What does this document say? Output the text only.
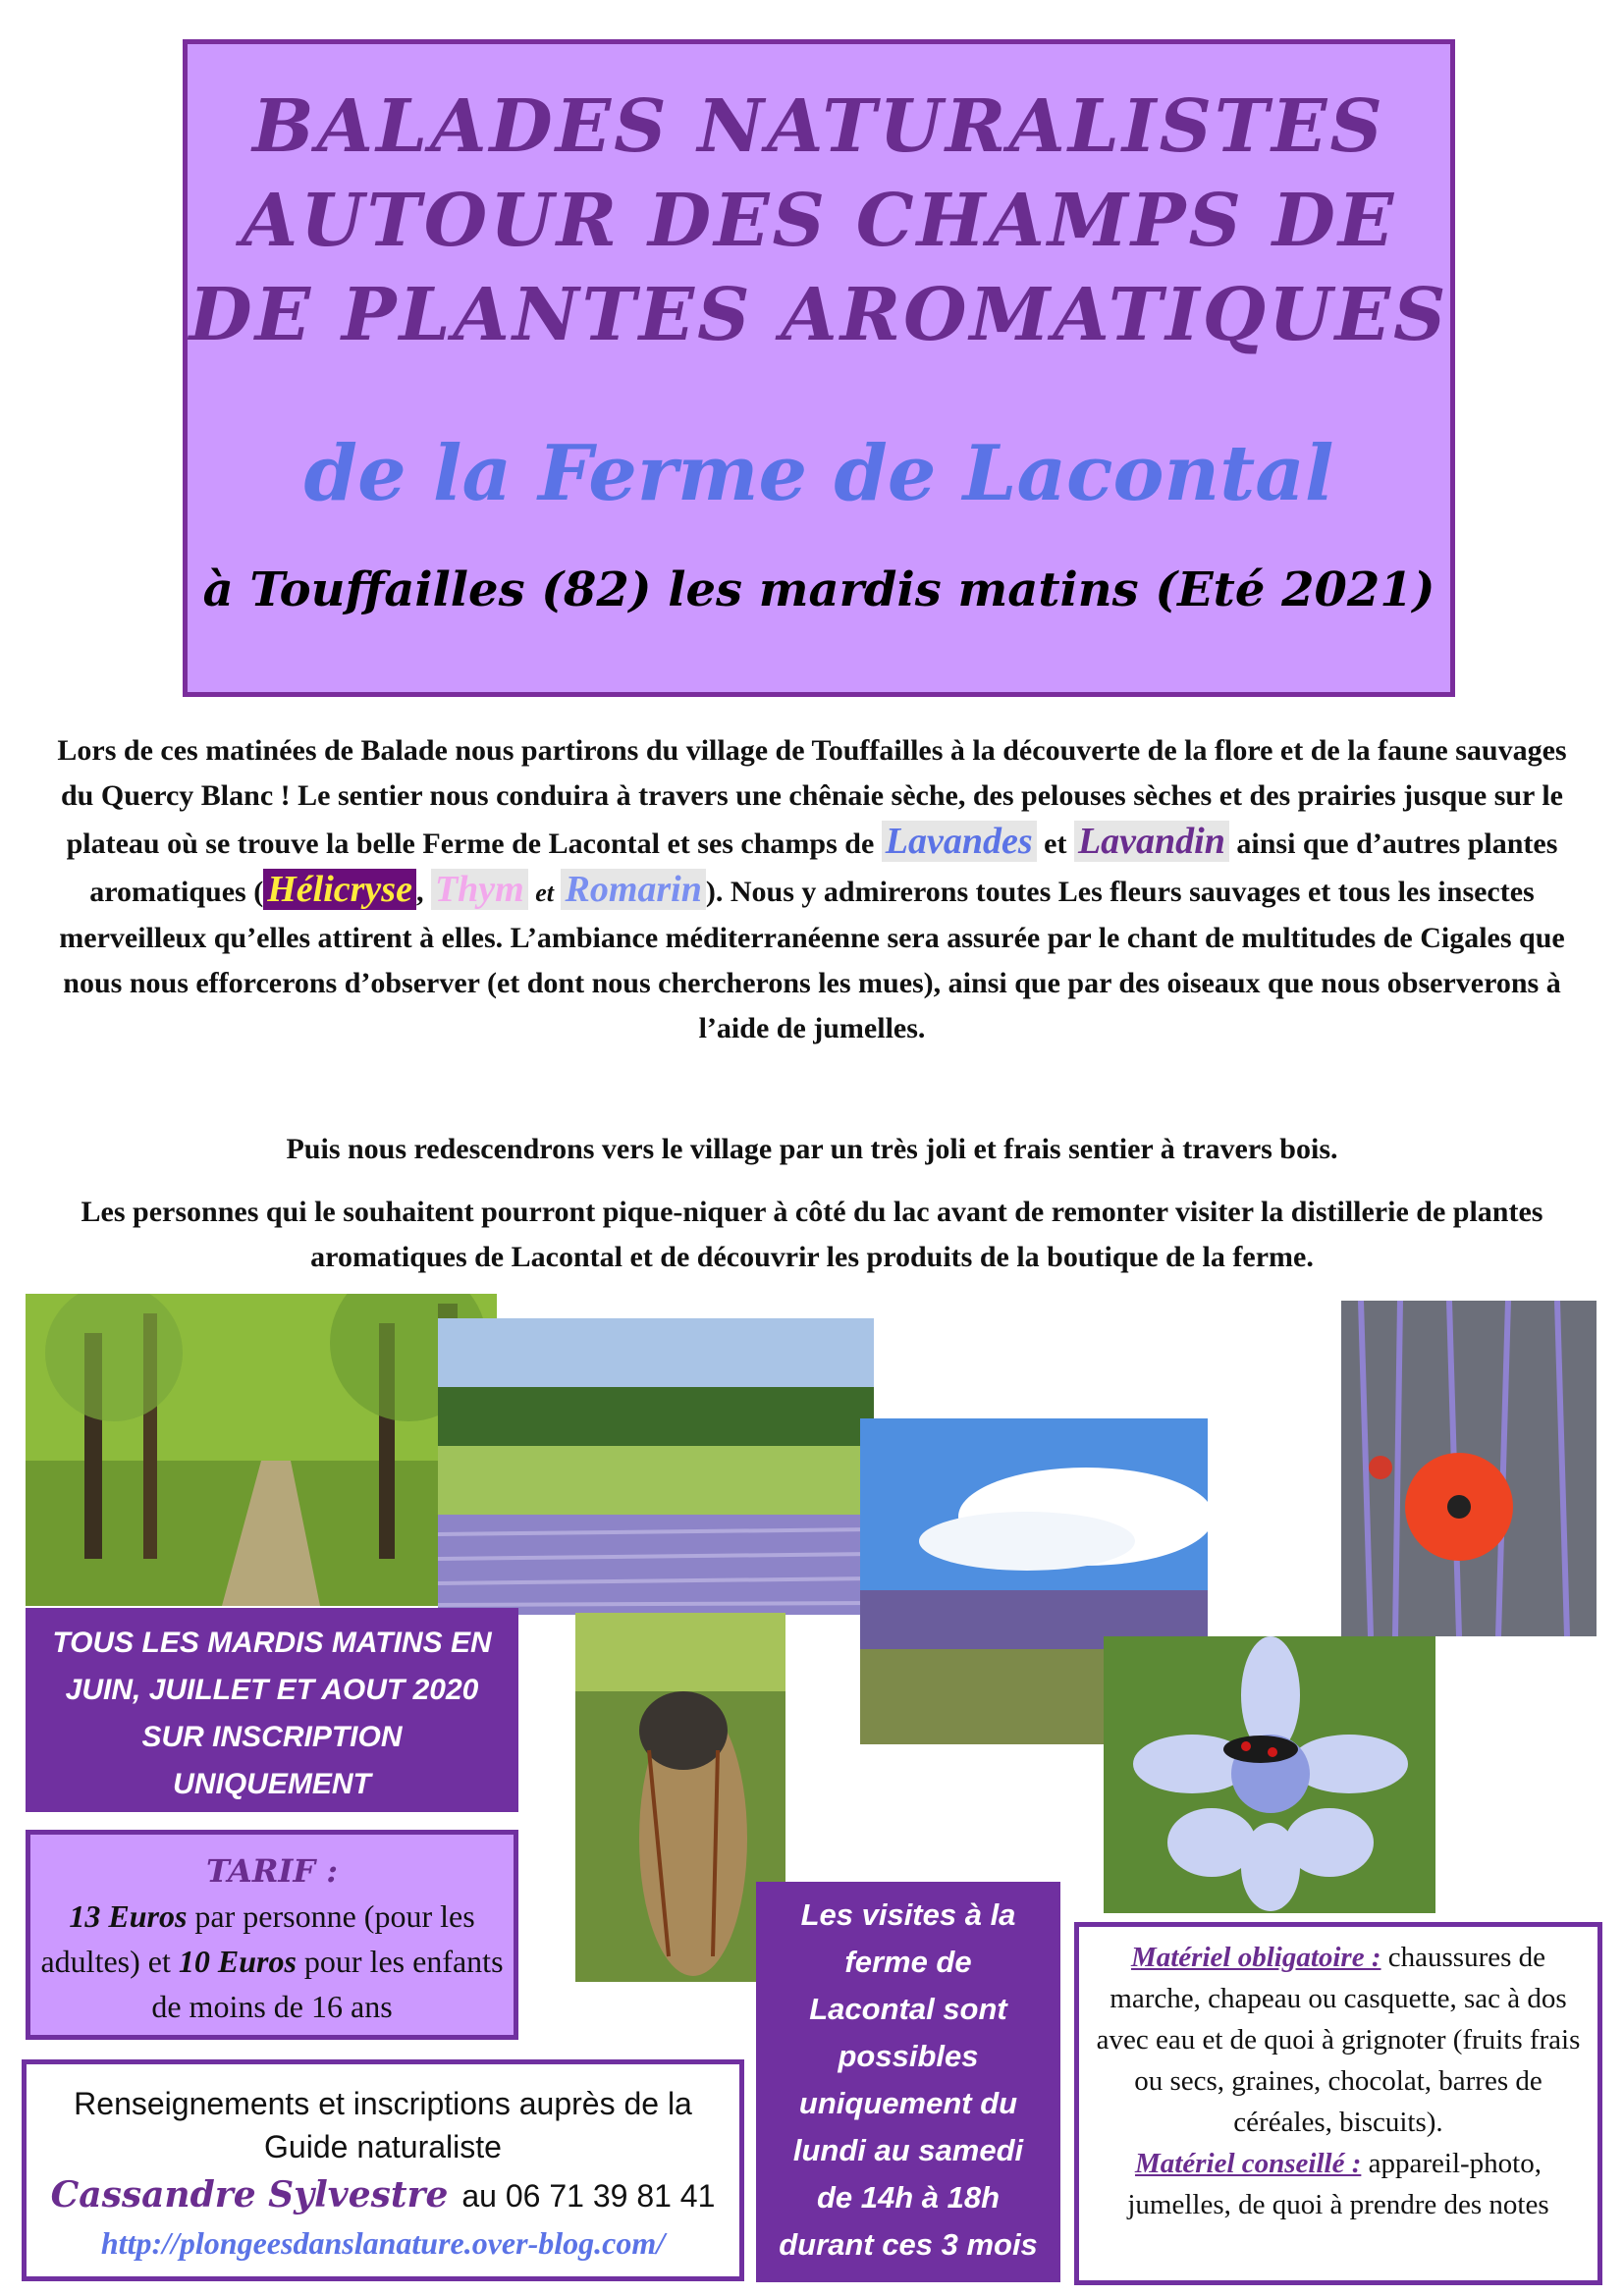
BALADES NATURALISTES
AUTOUR DES CHAMPS DE
DE PLANTES AROMATIQUES
de la Ferme de Lacontal
à Touffailles (82) les mardis matins (Eté 2021)
Lors de ces matinées de Balade nous partirons du village de Touffailles à la découverte de la flore et de la faune sauvages du Quercy Blanc ! Le sentier nous conduira à travers une chênaie sèche, des pelouses sèches et des prairies jusque sur le plateau où se trouve la belle Ferme de Lacontal et ses champs de Lavandes et Lavandin ainsi que d’autres plantes aromatiques ( Hélicryse , Thym et Romarin ). Nous y admirerons toutes Les fleurs sauvages et tous les insectes merveilleux qu’elles attirent à elles. L’ambiance méditerranéenne sera assurée par le chant de multitudes de Cigales que nous nous efforcerons d’observer (et dont nous chercherons les mues), ainsi que par des oiseaux que nous observerons à l’aide de jumelles.
Puis nous redescendrons vers le village par un très joli et frais sentier à travers bois.
Les personnes qui le souhaitent pourront pique-niquer à côté du lac avant de remonter visiter la distillerie de plantes aromatiques de Lacontal et de découvrir les produits de la boutique de la ferme.
TOUS LES MARDIS MATINS EN
JUIN, JUILLET ET AOUT 2020
SUR INSCRIPTION
UNIQUEMENT
TARIF :
13 Euros par personne (pour les adultes) et 10 Euros pour les enfants de moins de 16 ans
Renseignements et inscriptions auprès de la
Guide naturaliste
Cassandre Sylvestre au 06 71 39 81 41
http://plongeesdanslanature.over-blog.com/
Les visites à la
ferme de
Lacontal sont
possibles
uniquement du
lundi au samedi
de 14h à 18h
durant ces 3 mois
Matériel obligatoire : chaussures de marche, chapeau ou casquette, sac à dos avec eau et de quoi à grignoter (fruits frais ou secs, graines, chocolat, barres de céréales, biscuits).
Matériel conseillé : appareil-photo, jumelles, de quoi à prendre des notes
